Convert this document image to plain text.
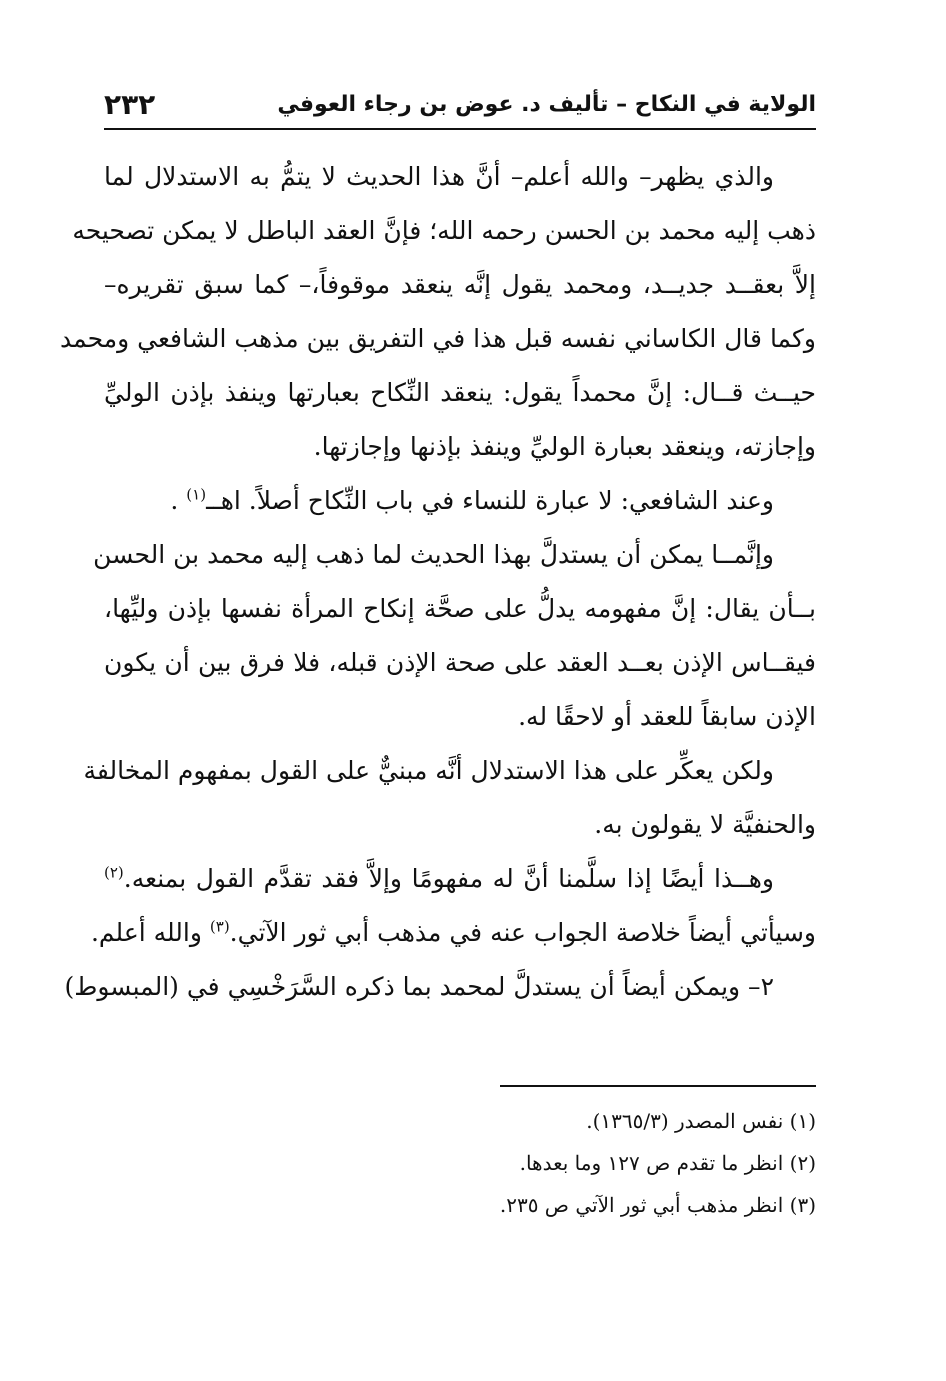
الولاية في النكاح – تأليف د. عوض بن رجاء العوفي
٢٣٢
والذي يظهر– والله أعلم– أنَّ هذا الحديث لا يتمُّ به الاستدلال لما
ذهب إليه محمد بن الحسن رحمه الله؛ فإنَّ العقد الباطل لا يمكن تصحيحه
إلاَّ بعقــد جديــد، ومحمد يقول إنَّه ينعقد موقوفاً،– كما سبق تقريره–
وكما قال الكاساني نفسه قبل هذا في التفريق بين مذهب الشافعي ومحمد
حيــث قــال: إنَّ محمداً يقول: ينعقد النِّكاح بعبارتها وينفذ بإذن الوليِّ
وإجازته، وينعقد بعبارة الوليِّ وينفذ بإذنها وإجازتها.
وعند الشافعي: لا عبارة للنساء في باب النِّكاح أصلاً. اهــ$^{(١)}$ .
وإنَّمــا يمكن أن يستدلَّ بهذا الحديث لما ذهب إليه محمد بن الحسن
بــأن يقال: إنَّ مفهومه يدلُّ على صحَّة إنكاح المرأة نفسها بإذن وليِّها،
فيقــاس الإذن بعــد العقد على صحة الإذن قبله، فلا فرق بين أن يكون
الإذن سابقاً للعقد أو لاحقًا له.
ولكن يعكِّر على هذا الاستدلال أنَّه مبنيٌّ على القول بمفهوم المخالفة
والحنفيَّة لا يقولون به.
وهــذا أيضًا إذا سلَّمنا أنَّ له مفهومًا وإلاَّ فقد تقدَّم القول بمنعه.$^{(٢)}$
وسيأتي أيضاً خلاصة الجواب عنه في مذهب أبي ثور الآتي.$^{(٣)}$ والله أعلم.
٢– ويمكن أيضاً أن يستدلَّ لمحمد بما ذكره السَّرَخْسِي في (المبسوط)
(١) نفس المصدر (١٣٦٥/٣).
(٢) انظر ما تقدم ص ١٢٧ وما بعدها.
(٣) انظر مذهب أبي ثور الآتي ص ٢٣٥.
